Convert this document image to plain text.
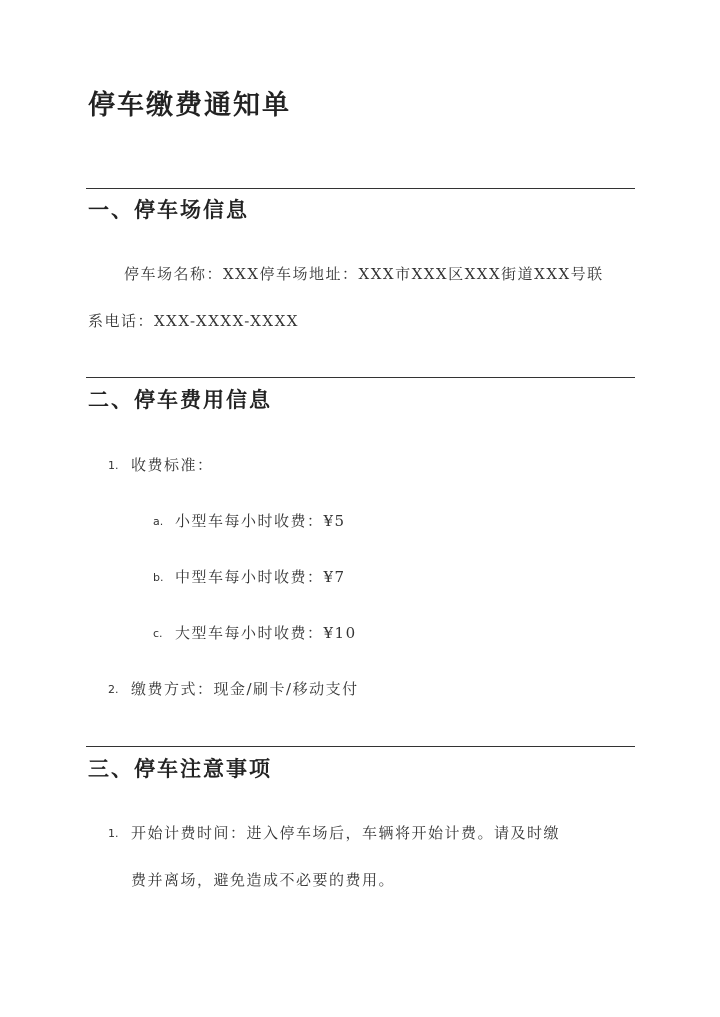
停车缴费通知单
一、停车场信息
停车场名称：XXX停车场地址：XXX市XXX区XXX街道XXX号联
系电话：XXX-XXXX-XXXX
二、停车费用信息
1. 收费标准：
a. 小型车每小时收费：¥5
b. 中型车每小时收费：¥7
c. 大型车每小时收费：¥10
2. 缴费方式：现金/刷卡/移动支付
三、停车注意事项
1. 开始计费时间：进入停车场后，车辆将开始计费。请及时缴
费并离场，避免造成不必要的费用。
